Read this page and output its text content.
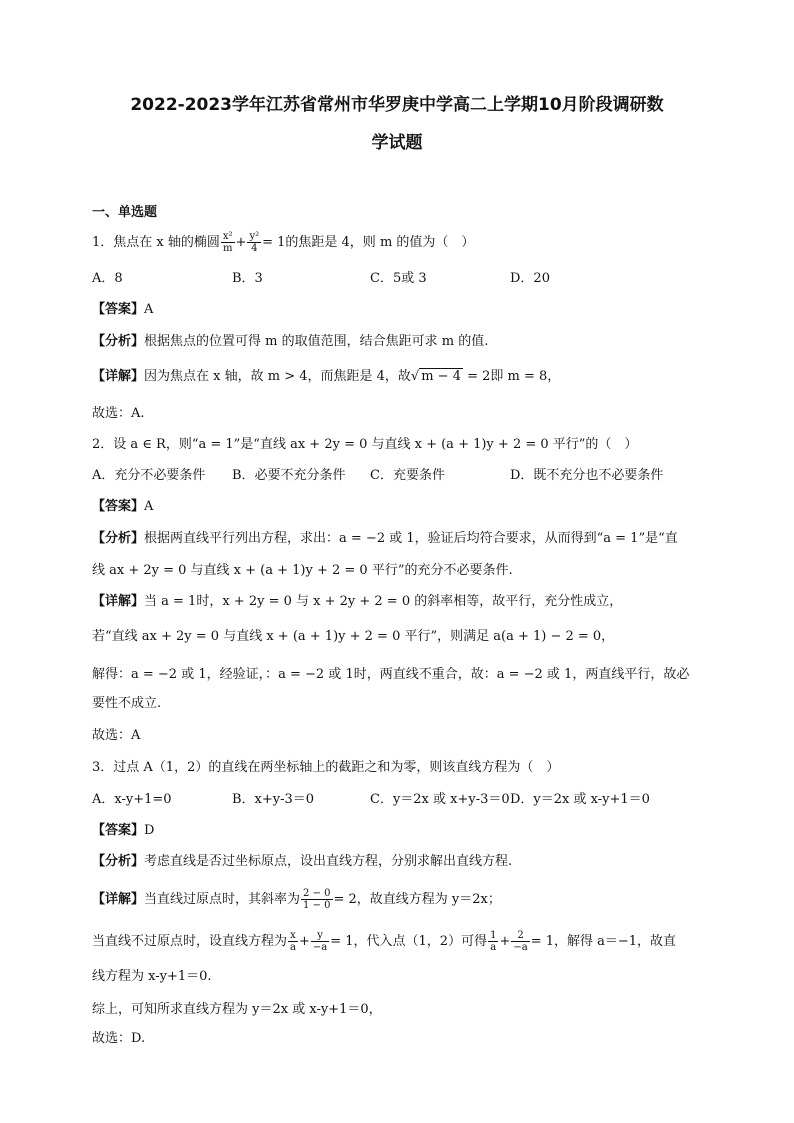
2022-2023学年江苏省常州市华罗庚中学高二上学期10月阶段调研数
学试题
一、单选题
1．焦点在 x 轴的椭圆 $\frac{\text{x²}}{m} + \frac{\text{y²}}{4} = 1$的焦距是 4，则 m 的值为（　）
A．8	B．3	C．5或 3	D．20
【答案】A
【分析】根据焦点的位置可得 m 的取值范围，结合焦距可求 m 的值.
【详解】因为焦点在 x 轴，故 m > 4，而焦距是 4，故√ m − 4 = 2即 m = 8，
故选：A.
2．设 a ∈ R，则“a = 1”是“直线 ax + 2y = 0 与直线 x + (a + 1)y + 2 = 0 平行”的（　）
A．充分不必要条件 B．必要不充分条件 C．充要条件	D．既不充分也不必要条件
【答案】A
【分析】根据两直线平行列出方程，求出：a = −2 或 1，验证后均符合要求，从而得到“a = 1”是“直
线 ax + 2y = 0 与直线 x + (a + 1)y + 2 = 0 平行”的充分不必要条件.
【详解】当 a = 1时，x + 2y = 0 与 x + 2y + 2 = 0 的斜率相等，故平行，充分性成立，
若“直线 ax + 2y = 0 与直线 x + (a + 1)y + 2 = 0 平行”，则满足 a(a + 1) − 2 = 0，
解得：a = −2 或 1，经验证，：a = −2 或 1时，两直线不重合，故：a = −2 或 1，两直线平行，故必
要性不成立.
故选：A
3．过点 A（1，2）的直线在两坐标轴上的截距之和为零，则该直线方程为（　）
A．x-y+1=0	B．x+y-3＝0	C．y＝2x 或 x+y-3＝0 D．y＝2x 或 x-y+1＝0
【答案】D
【分析】考虑直线是否过坐标原点，设出直线方程，分别求解出直线方程.
【详解】当直线过原点时，其斜率为 $\frac{2 - 0}{1 - 0} = 2$，故直线方程为 y＝2x；
当直线不过原点时，设直线方程为 $\frac{x}{a} + \frac{y}{-a} = 1$，代入点（1，2）可得 $\frac{1}{a} + \frac{2}{-a} = 1$，解得 a＝−1，故直
线方程为 x-y+1＝0.
综上，可知所求直线方程为 y＝2x 或 x-y+1＝0，
故选：D.
